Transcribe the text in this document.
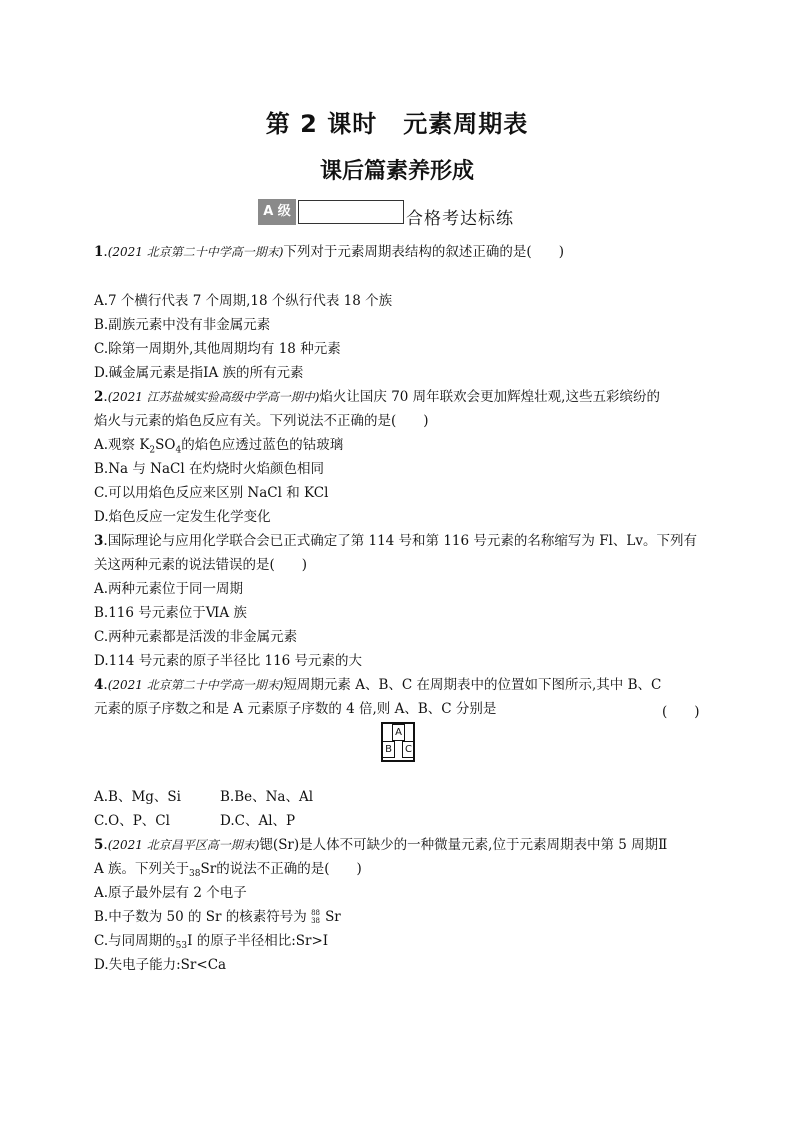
第 2 课时 元素周期表
课后篇素养形成
A 级	合格考达标练
1.(2021 北京第二十中学高一期末)下列对于元素周期表结构的叙述正确的是(　　)
A.7 个横行代表 7 个周期,18 个纵行代表 18 个族
B.副族元素中没有非金属元素
C.除第一周期外,其他周期均有 18 种元素
D.碱金属元素是指ⅠA 族的所有元素
2.(2021 江苏盐城实验高级中学高一期中)焰火让国庆 70 周年联欢会更加辉煌壮观,这些五彩缤纷的
焰火与元素的焰色反应有关。下列说法不正确的是(　　)
A.观察 $K_2SO_4$的焰色应透过蓝色的钴玻璃
B.Na 与 NaCl 在灼烧时火焰颜色相同
C.可以用焰色反应来区别 NaCl 和 KCl
D.焰色反应一定发生化学变化
3.国际理论与应用化学联合会已正式确定了第 114 号和第 116 号元素的名称缩写为 Fl、Lv。下列有
关这两种元素的说法错误的是(　　)
A.两种元素位于同一周期
B.116 号元素位于ⅥA 族
C.两种元素都是活泼的非金属元素
D.114 号元素的原子半径比 116 号元素的大
4.(2021 北京第二十中学高一期末)短周期元素 A、B、C 在周期表中的位置如下图所示,其中 B、C
元素的原子序数之和是 A 元素原子序数的 4 倍,则 A、B、C 分别是	(　　)
A
B	C
A.B、Mg、Si	B.Be、Na、Al
C.O、P、Cl	D.C、Al、P
5.(2021 北京昌平区高一期末)锶(Sr)是人体不可缺少的一种微量元素,位于元素周期表中第 5 周期Ⅱ
A 族。下列关于$_{38}$Sr的说法不正确的是(　　)
A.原子最外层有 2 个电子
B.中子数为 50 的 Sr 的核素符号为 88
38 Sr
C.与同周期的$_{53}$I 的原子半径相比:Sr>I
D.失电子能力:Sr<Ca
